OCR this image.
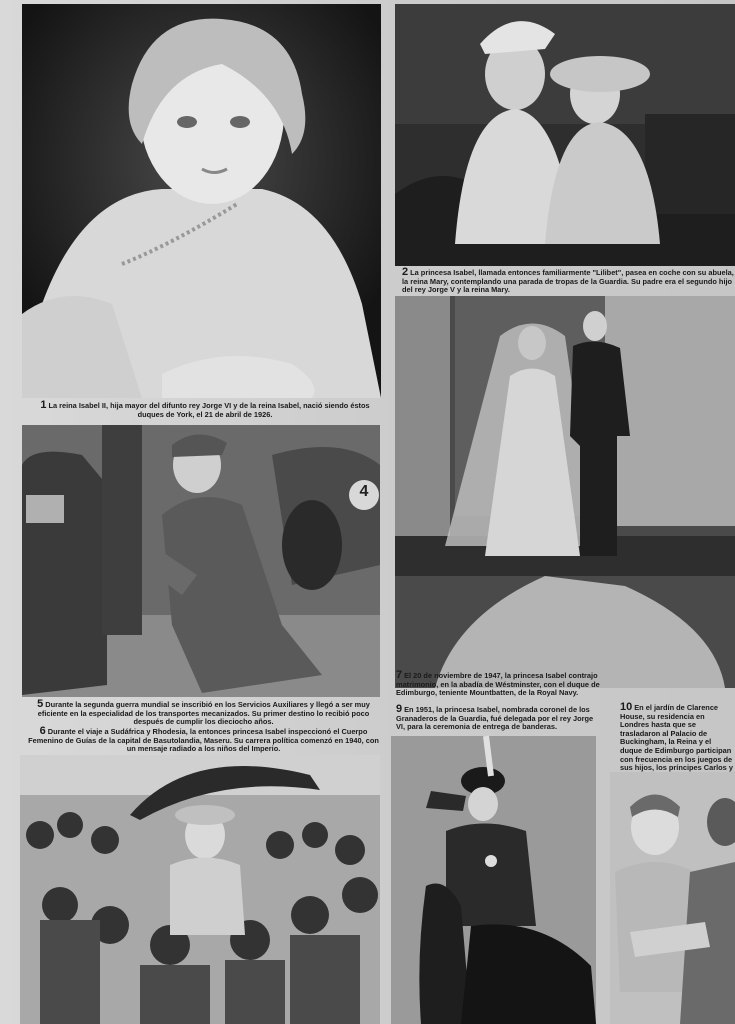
1 La reina Isabel II, hija mayor del difunto rey Jorge VI y de la reina Isabel, nació siendo éstos duques de York, el 21 de abril de 1926.
2 La princesa Isabel, llamada entonces familiarmente "Lilibet", pasea en coche con su abuela, la reina Mary, contemplando una parada de tropas de la Guardia. Su padre era el segundo hijo del rey Jorge V y la reina Mary.
4
5 Durante la segunda guerra mundial se inscribió en los Servicios Auxiliares y llegó a ser muy eficiente en la especialidad de los transportes mecanizados. Su primer destino lo recibió poco después de cumplir los dieciocho años.
6 Durante el viaje a Sudáfrica y Rhodesia, la entonces princesa Isabel inspeccionó el Cuerpo Femenino de Guías de la capital de Basutolandia, Maseru. Su carrera política comenzó en 1940, con un mensaje radiado a los niños del Imperio.
7 El 20 de noviembre de 1947, la princesa Isabel contrajo matrimonio, en la abadía de Wéstminster, con el duque de Edimburgo, teniente Mountbatten, de la Royal Navy.
9 En 1951, la princesa Isabel, nombrada coronel de los Granaderos de la Guardia, fué delegada por el rey Jorge VI, para la ceremonia de entrega de banderas.
10 En el jardín de Clarence House, su residencia en Londres hasta que se trasladaron al Palacio de Buckingham, la Reina y el duque de Edimburgo participan con frecuencia en los juegos de sus hijos, los príncipes Carlos y
